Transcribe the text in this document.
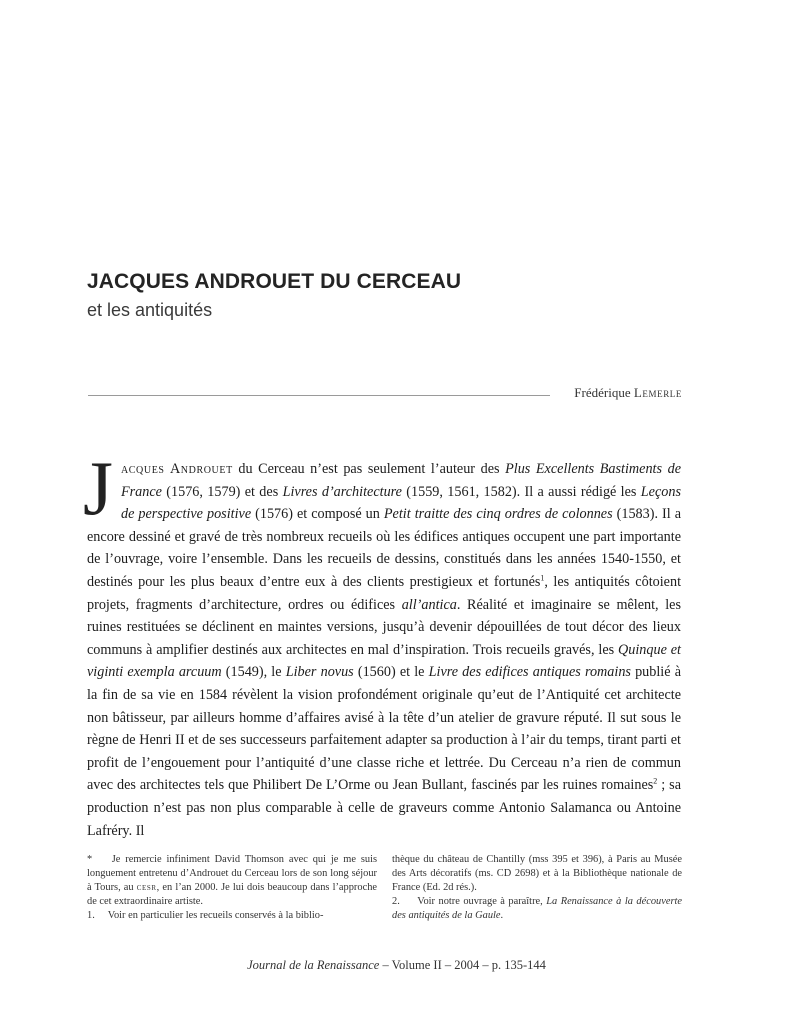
JACQUES ANDROUET DU CERCEAU
et les antiquités
Frédérique Lemerle

Jacques Androuet du Cerceau n’est pas seulement l’auteur des Plus Excellents Bastiments de France (1576, 1579) et des Livres d’architecture (1559, 1561, 1582). Il a aussi rédigé les Leçons de perspective positive (1576) et composé un Petit traitte des cinq ordres de colonnes (1583). Il a encore dessiné et gravé de très nombreux recueils où les édifices antiques occupent une part importante de l’ouvrage, voire l’ensemble. Dans les recueils de dessins, constitués dans les années 1540-1550, et destinés pour les plus beaux d’entre eux à des clients prestigieux et fortunés$^1$, les antiquités côtoient projets, fragments d’architecture, ordres ou édifices all’antica. Réalité et imaginaire se mêlent, les ruines restituées se déclinent en maintes versions, jusqu’à devenir dépouillées de tout décor des lieux communs à amplifier destinés aux architectes en mal d’inspiration. Trois recueils gravés, les Quinque et viginti exempla arcuum (1549), le Liber novus (1560) et le Livre des edifices antiques romains publié à la fin de sa vie en 1584 révèlent la vision profondément originale qu’eut de l’Antiquité cet architecte non bâtisseur, par ailleurs homme d’affaires avisé à la tête d’un atelier de gravure réputé. Il sut sous le règne de Henri II et de ses successeurs parfaitement adapter sa production à l’air du temps, tirant parti et profit de l’engouement pour l’antiquité d’une classe riche et lettrée. Du Cerceau n’a rien de commun avec des architectes tels que Philibert De L’Orme ou Jean Bullant, fascinés par les ruines romaines$^2$ ; sa production n’est pas non plus comparable à celle de graveurs comme Antonio Salamanca ou Antoine Lafréry. Il

* Je remercie infiniment David Thomson avec qui je me suis longuement entretenu d’Androuet du Cerceau lors de son long séjour à Tours, au cesr, en l’an 2000. Je lui dois beaucoup dans l’approche de cet extraordinaire artiste.

1. Voir en particulier les recueils conservés à la biblio-

thèque du château de Chantilly (mss 395 et 396), à Paris au Musée des Arts décoratifs (ms. CD 2698) et à la Bibliothèque nationale de France (Ed. 2d rés.).

2. Voir notre ouvrage à paraître, La Renaissance à la découverte des antiquités de la Gaule.

Journal de la Renaissance – Volume II – 2004 – p. 135-144
